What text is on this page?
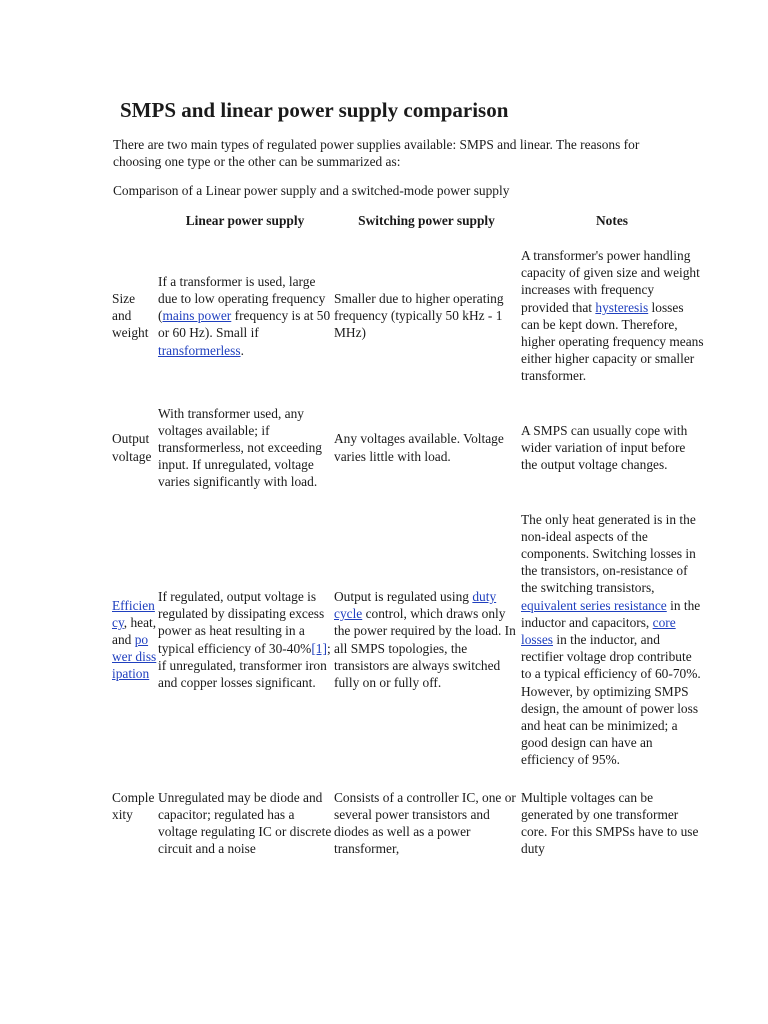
SMPS and linear power supply comparison

There are two main types of regulated power supplies available: SMPS and linear. The reasons for choosing one type or the other can be summarized as:

Comparison of a Linear power supply and a switched-mode power supply

	Linear power supply	Switching power supply	Notes
Size and weight	If a transformer is used, large due to low operating frequency (mains power frequency is at 50 or 60 Hz). Small if transformerless.	Smaller due to higher operating frequency (typically 50 kHz - 1 MHz)	A transformer's power handling capacity of given size and weight increases with frequency provided that hysteresis losses can be kept down. Therefore, higher operating frequency means either higher capacity or smaller transformer.
Output voltage	With transformer used, any voltages available; if transformerless, not exceeding input. If unregulated, voltage varies significantly with load.	Any voltages available. Voltage varies little with load.	A SMPS can usually cope with wider variation of input before the output voltage changes.
Efficiency, heat, and power dissipation	If regulated, output voltage is regulated by dissipating excess power as heat resulting in a typical efficiency of 30-40%[1]; if unregulated, transformer iron and copper losses significant.	Output is regulated using duty cycle control, which draws only the power required by the load. In all SMPS topologies, the transistors are always switched fully on or fully off.	The only heat generated is in the non-ideal aspects of the components. Switching losses in the transistors, on-resistance of the switching transistors, equivalent series resistance in the inductor and capacitors, core losses in the inductor, and rectifier voltage drop contribute to a typical efficiency of 60-70%. However, by optimizing SMPS design, the amount of power loss and heat can be minimized; a good design can have an efficiency of 95%.
Complexity	Unregulated may be diode and capacitor; regulated has a voltage regulating IC or discrete circuit and a noise	Consists of a controller IC, one or several power transistors and diodes as well as a power transformer,	Multiple voltages can be generated by one transformer core. For this SMPSs have to use duty
